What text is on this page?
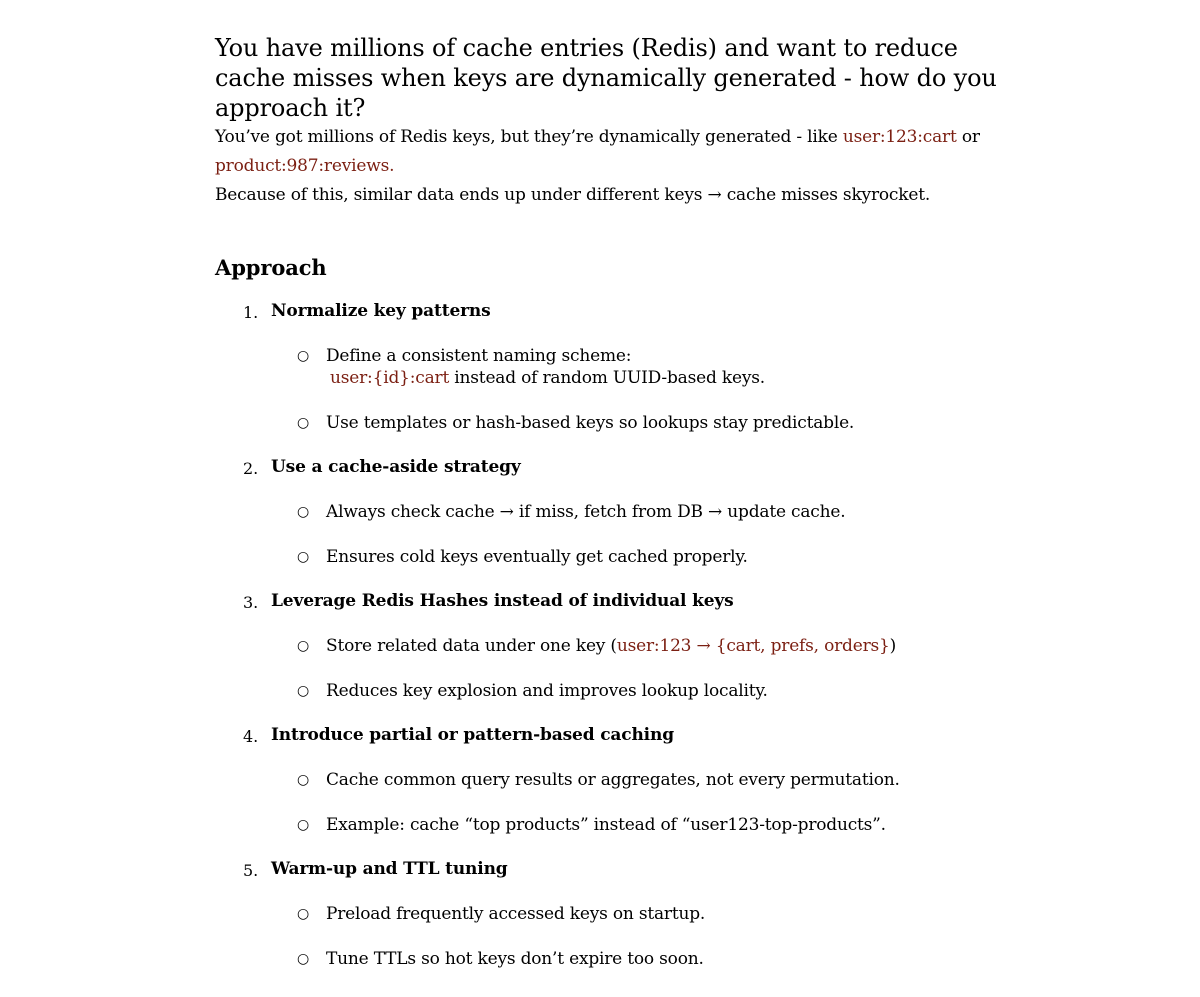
You have millions of cache entries (Redis) and want to reduce cache misses when keys are dynamically generated - how do you approach it?

You’ve got millions of Redis keys, but they’re dynamically generated - like user:123:cart or
product:987:reviews.
Because of this, similar data ends up under different keys → cache misses skyrocket.

Approach
1. Normalize key patterns
○ Define a consistent naming scheme:
user:{id}:cart instead of random UUID-based keys.
○ Use templates or hash-based keys so lookups stay predictable.
2. Use a cache-aside strategy
○ Always check cache → if miss, fetch from DB → update cache.
○ Ensures cold keys eventually get cached properly.
3. Leverage Redis Hashes instead of individual keys
○ Store related data under one key (user:123 → {cart, prefs, orders})
○ Reduces key explosion and improves lookup locality.
4. Introduce partial or pattern-based caching
○ Cache common query results or aggregates, not every permutation.
○ Example: cache “top products” instead of “user123-top-products”.
5. Warm-up and TTL tuning
○ Preload frequently accessed keys on startup.
○ Tune TTLs so hot keys don’t expire too soon.
